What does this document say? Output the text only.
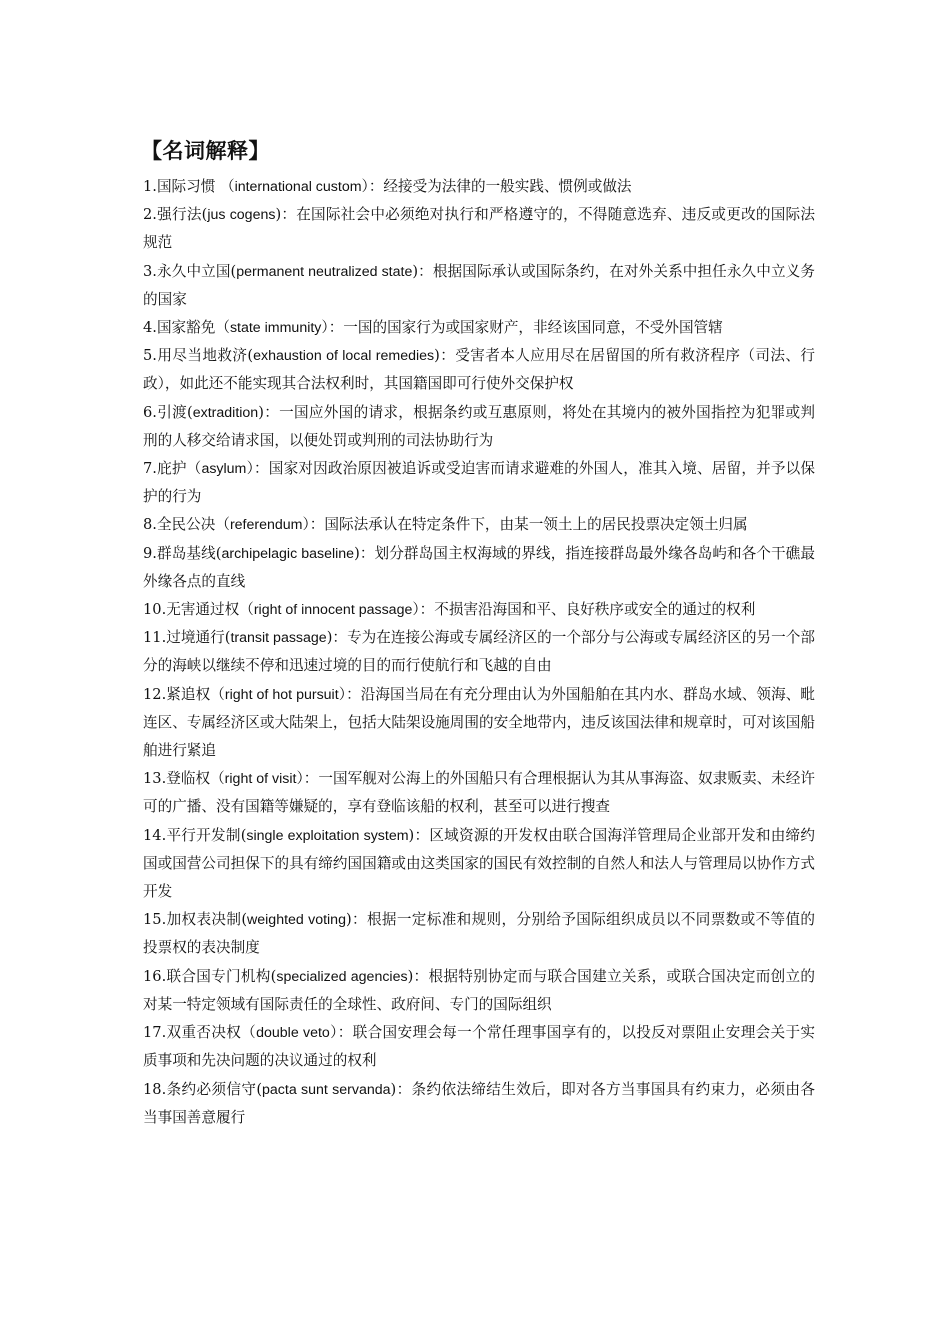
【名词解释】
1.国际习惯 （international custom）：经接受为法律的一般实践、惯例或做法
2.强行法(jus cogens)：在国际社会中必须绝对执行和严格遵守的，不得随意选弃、违反或更改的国际法规范
3.永久中立国(permanent neutralized state)：根据国际承认或国际条约，在对外关系中担任永久中立义务的国家
4.国家豁免（state immunity）：一国的国家行为或国家财产，非经该国同意，不受外国管辖
5.用尽当地救济(exhaustion of local remedies)：受害者本人应用尽在居留国的所有救济程序（司法、行政），如此还不能实现其合法权利时，其国籍国即可行使外交保护权
6.引渡(extradition)：一国应外国的请求，根据条约或互惠原则，将处在其境内的被外国指控为犯罪或判刑的人移交给请求国，以便处罚或判刑的司法协助行为
7.庇护（asylum）：国家对因政治原因被追诉或受迫害而请求避难的外国人，准其入境、居留，并予以保护的行为
8.全民公决（referendum）：国际法承认在特定条件下，由某一领土上的居民投票决定领土归属
9.群岛基线(archipelagic baseline)：划分群岛国主权海域的界线，指连接群岛最外缘各岛屿和各个干礁最外缘各点的直线
10.无害通过权（right of innocent passage）：不损害沿海国和平、良好秩序或安全的通过的权利
11.过境通行(transit passage)：专为在连接公海或专属经济区的一个部分与公海或专属经济区的另一个部分的海峡以继续不停和迅速过境的目的而行使航行和飞越的自由
12.紧追权（right of hot pursuit）：沿海国当局在有充分理由认为外国船舶在其内水、群岛水域、领海、毗连区、专属经济区或大陆架上，包括大陆架设施周围的安全地带内，违反该国法律和规章时，可对该国船舶进行紧追
13.登临权（right of visit）：一国军舰对公海上的外国船只有合理根据认为其从事海盗、奴隶贩卖、未经许可的广播、没有国籍等嫌疑的，享有登临该船的权利，甚至可以进行搜查
14.平行开发制(single exploitation system)：区域资源的开发权由联合国海洋管理局企业部开发和由缔约国或国营公司担保下的具有缔约国国籍或由这类国家的国民有效控制的自然人和法人与管理局以协作方式开发
15.加权表决制(weighted voting)：根据一定标准和规则，分别给予国际组织成员以不同票数或不等值的投票权的表决制度
16.联合国专门机构(specialized agencies)：根据特别协定而与联合国建立关系，或联合国决定而创立的对某一特定领域有国际责任的全球性、政府间、专门的国际组织
17.双重否决权（double veto）：联合国安理会每一个常任理事国享有的，以投反对票阻止安理会关于实质事项和先决问题的决议通过的权利
18.条约必须信守(pacta sunt servanda)：条约依法缔结生效后，即对各方当事国具有约束力，必须由各当事国善意履行
